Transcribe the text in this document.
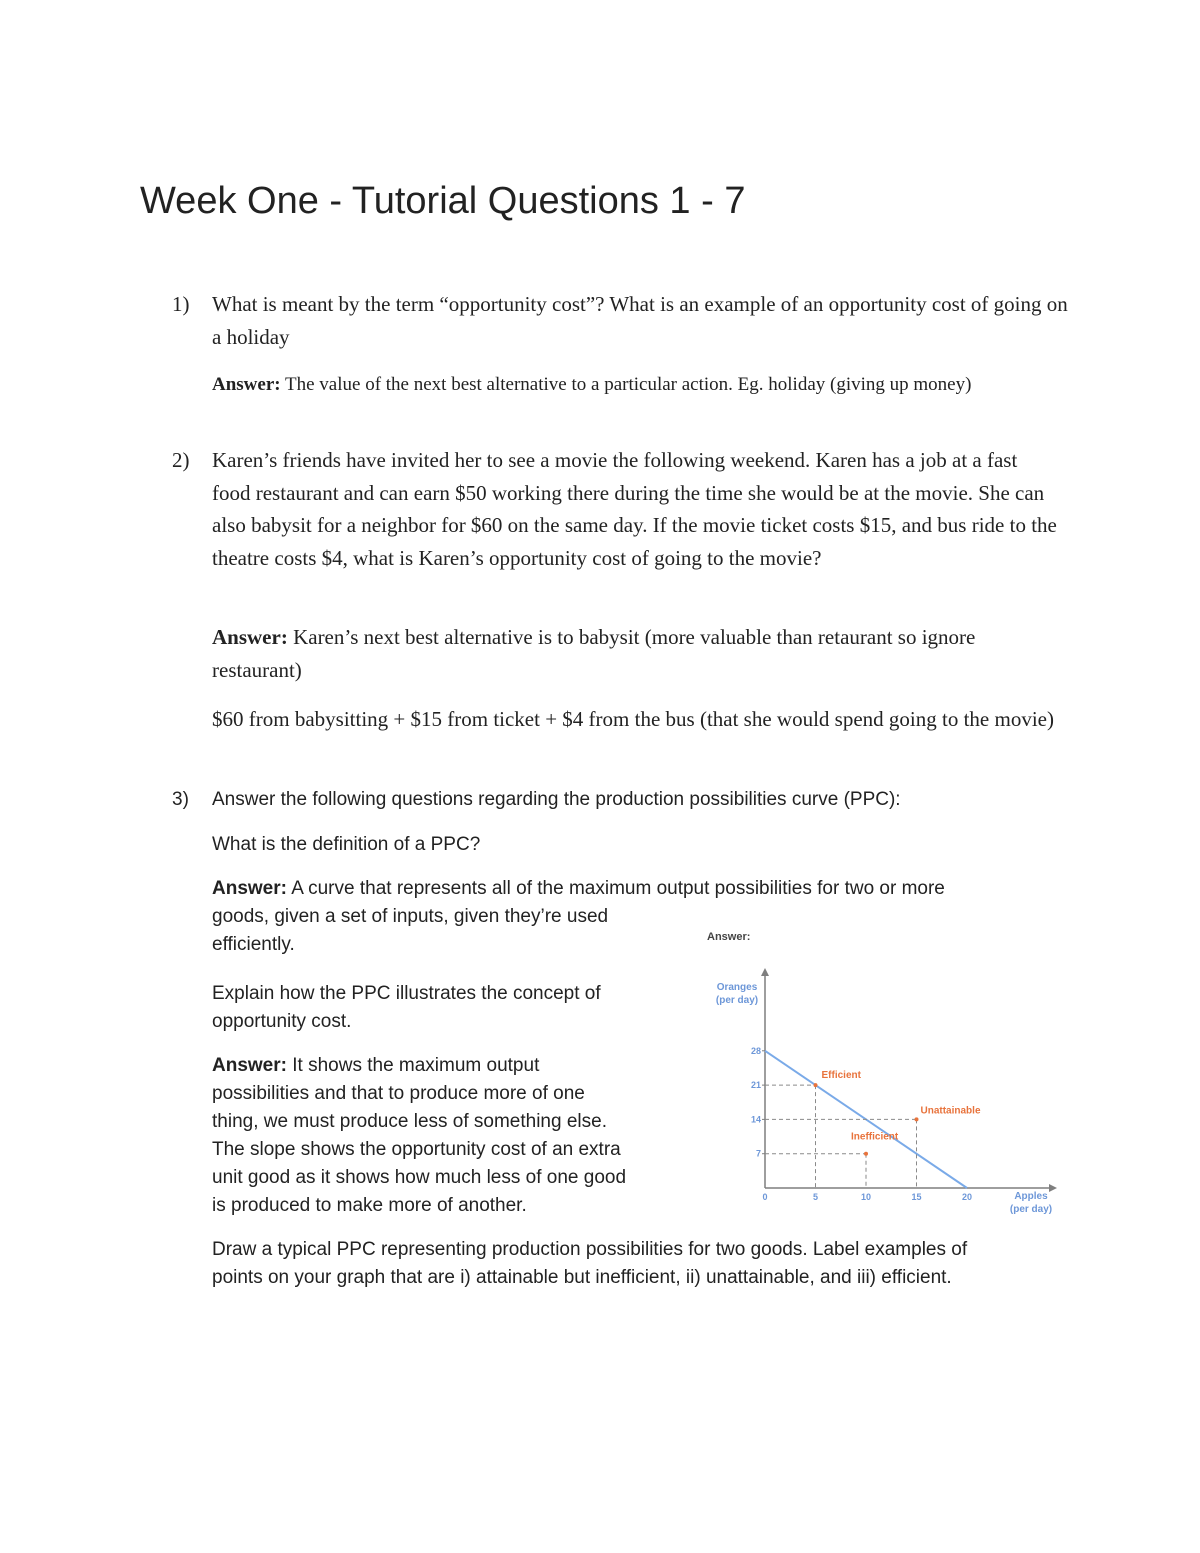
Week One - Tutorial Questions 1 - 7
1)	What is meant by the term “opportunity cost”? What is an example of an opportunity cost of going on a holiday

Answer: The value of the next best alternative to a particular action. Eg. holiday (giving up money)

2)	Karen’s friends have invited her to see a movie the following weekend. Karen has a job at a fast food restaurant and can earn $50 working there during the time she would be at the movie. She can also babysit for a neighbor for $60 on the same day. If the movie ticket costs $15, and bus ride to the theatre costs $4, what is Karen’s opportunity cost of going to the movie?

Answer: Karen’s next best alternative is to babysit (more valuable than retaurant so ignore restaurant)

$60 from babysitting + $15 from ticket + $4 from the bus (that she would spend going to the movie)

3)	Answer the following questions regarding the production possibilities curve (PPC):

What is the definition of a PPC?

Answer: A curve that represents all of the maximum output possibilities for two or more
goods, given a set of inputs, given they’re used
efficiently.
Explain how the PPC illustrates the concept of
opportunity cost.
Answer: It shows the maximum output
possibilities and that to produce more of one
thing, we must produce less of something else.
The slope shows the opportunity cost of an extra
unit good as it shows how much less of one good
is produced to make more of another.
Draw a typical PPC representing production possibilities for two goods. Label examples of
points on your graph that are i) attainable but inefficient, ii) unattainable, and iii) efficient.
Answer:
Oranges
(per day)
Apples
(per day)
0	5	10	15	20
7
14
21
28
Efficient
Unattainable
Inefficient
